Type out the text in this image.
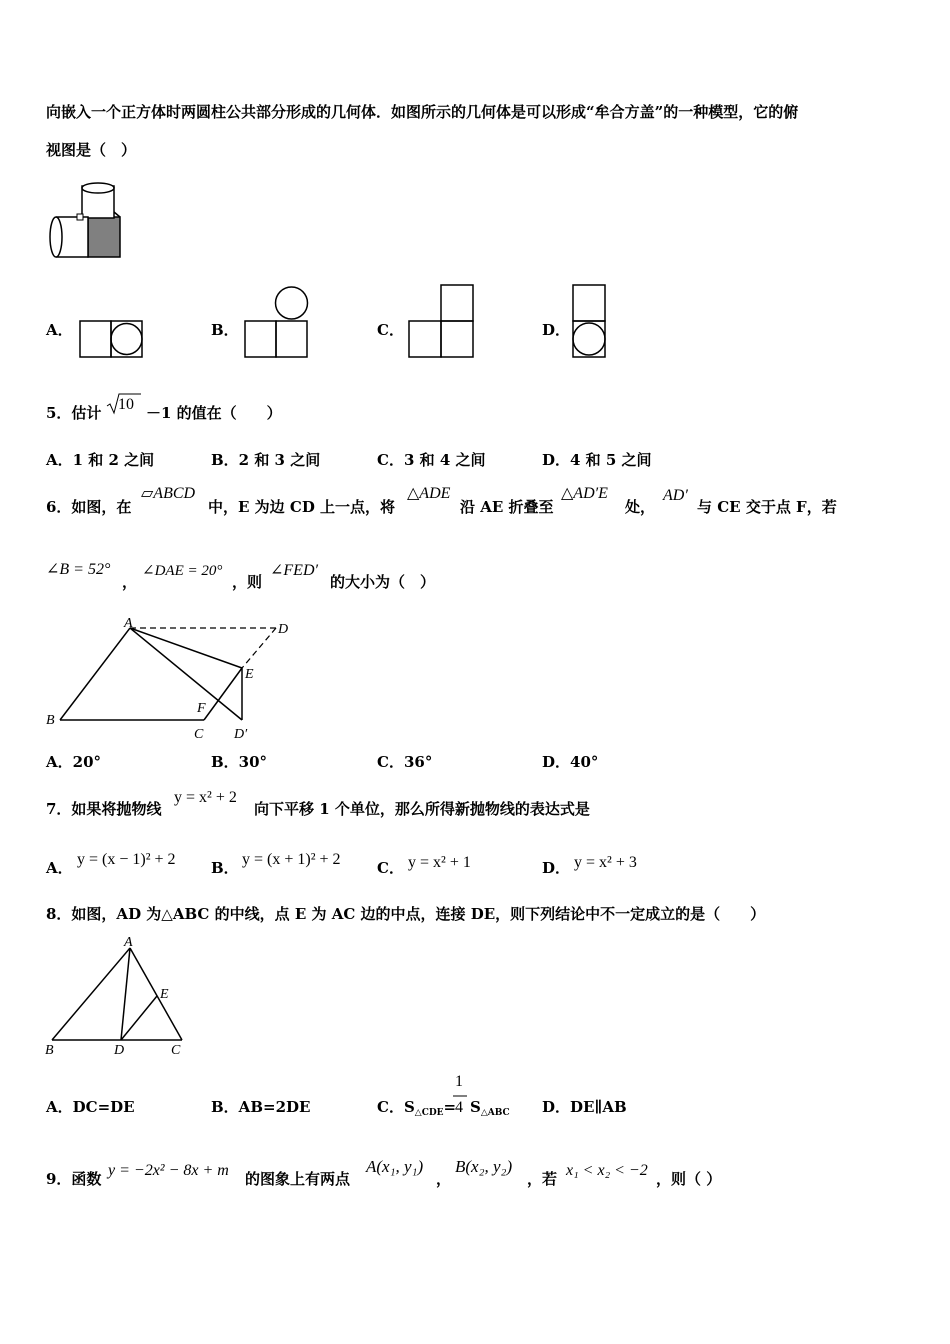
向嵌入一个正方体时两圆柱公共部分形成的几何体．如图所示的几何体是可以形成“牟合方盖”的一种模型，它的俯
视图是（　）
A．	B．	C．	D．
5．估计 10 －1 的值在（　　）
A．1 和 2 之间	B．2 和 3 之间	C．3 和 4 之间	D．4 和 5 之间
6．如图，在
▱ABCD
中，E 为边 CD 上一点，将
△ADE
沿 AE 折叠至
△AD′E
处，
AD′
与 CE 交于点 F，若
∠B = 52°
，
∠DAE = 20°
，则
∠FED′
的大小为（　）
A
B
C
D
E
F
D′
A．20°	B．30°	C．36°	D．40°
7．如果将抛物线
y = x² + 2
向下平移 1 个单位，那么所得新抛物线的表达式是
A． y = (x − 1)² + 2 B． y = (x + 1)² + 2 C． y = x² + 1	D． y = x² + 3
8．如图，AD 为△ABC 的中线，点 E 为 AC 边的中点，连接 DE，则下列结论中不一定成立的是（　　）
A
B	C
D
E
A．DC=DE	B．AB=2DE	C．$S_{\triangle CDE}=$
1
4 $S_{\triangle ABC}$ D．DE∥AB
9．函数 y = −2x² − 8x + m 的图象上有两点
A(x₁, y₁)
，
B(x₂, y₂)
，若 x₁ < x₂ < −2 ，则（ ）
